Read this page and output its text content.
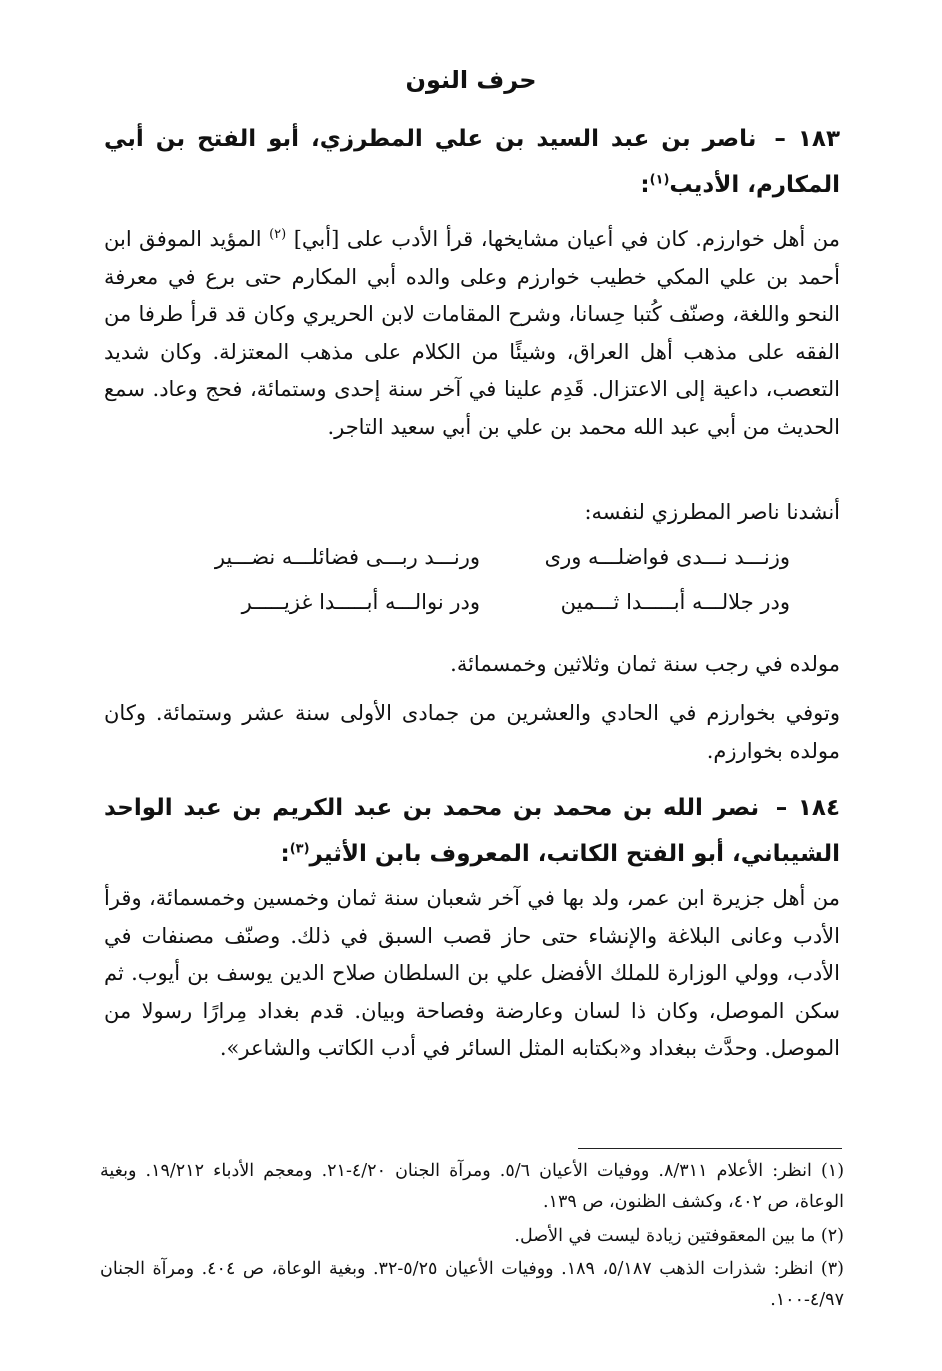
حرف النون

١٨٣ – ناصر بن عبد السيد بن علي المطرزي، أبو الفتح بن أبي المكارم، الأديب$^{(١)}$:

من أهل خوارزم. كان في أعيان مشايخها، قرأ الأدب على [أبي] $^{(٢)}$ المؤيد الموفق ابن أحمد بن علي المكي خطيب خوارزم وعلى والده أبي المكارم حتى برع في معرفة النحو واللغة، وصنّف كُتبا حِسانا، وشرح المقامات لابن الحريري وكان قد قرأ طرفا من الفقه على مذهب أهل العراق، وشيئًا من الكلام على مذهب المعتزلة. وكان شديد التعصب، داعية إلى الاعتزال. قَدِم علينا في آخر سنة إحدى وستمائة، فحج وعاد. سمع الحديث من أبي عبد الله محمد بن علي بن أبي سعيد التاجر.

أنشدنا ناصر المطرزي لنفسه:

وزنـــد نـــدى فواضلـــه ورى
ورنـــد ربـــى فضائلـــه نضـــير
ودر جلالـــه أبـــــدا ثـــمين
ودر نوالـــه أبـــــدا غزيـــــر

مولده في رجب سنة ثمان وثلاثين وخمسمائة.

وتوفي بخوارزم في الحادي والعشرين من جمادى الأولى سنة عشر وستمائة. وكان مولده بخوارزم.

١٨٤ – نصر الله بن محمد بن محمد بن عبد الكريم بن عبد الواحد الشيباني، أبو الفتح الكاتب، المعروف بابن الأثير$^{(٣)}$:

من أهل جزيرة ابن عمر، ولد بها في آخر شعبان سنة ثمان وخمسين وخمسمائة، وقرأ الأدب وعانى البلاغة والإنشاء حتى حاز قصب السبق في ذلك. وصنّف مصنفات في الأدب، وولي الوزارة للملك الأفضل علي بن السلطان صلاح الدين يوسف بن أيوب. ثم سكن الموصل، وكان ذا لسان وعارضة وفصاحة وبيان. قدم بغداد مِرارًا رسولا من الموصل. وحدَّث ببغداد و«بكتابه المثل السائر في أدب الكاتب والشاعر».

(١) انظر: الأعلام ٨/٣١١. ووفيات الأعيان ٥/٦. ومرآة الجنان ٤/٢٠-٢١. ومعجم الأدباء ١٩/٢١٢. وبغية الوعاة، ص ٤٠٢، وكشف الظنون، ص ١٣٩.

(٢) ما بين المعقوفتين زيادة ليست في الأصل.

(٣) انظر: شذرات الذهب ٥/١٨٧، ١٨٩. ووفيات الأعيان ٥/٢٥-٣٢. وبغية الوعاة، ص ٤٠٤. ومرآة الجنان ٤/٩٧-١٠٠.
